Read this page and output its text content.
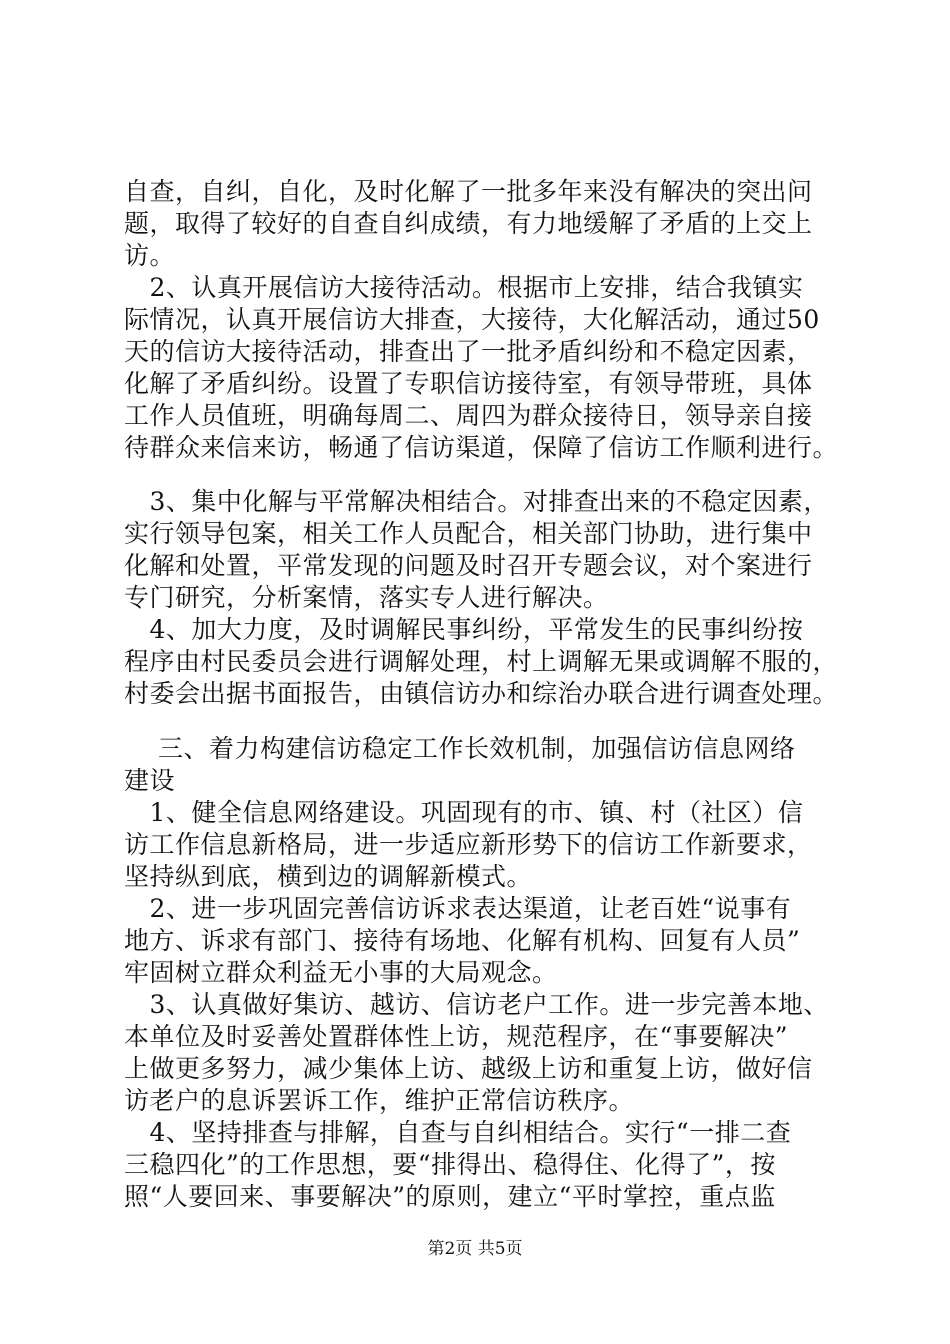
自查，自纠，自化，及时化解了一批多年来没有解决的突出问

题，取得了较好的自查自纠成绩，有力地缓解了矛盾的上交上

访。

　2、认真开展信访大接待活动。根据市上安排，结合我镇实

际情况，认真开展信访大排查，大接待，大化解活动，通过50

天的信访大接待活动，排查出了一批矛盾纠纷和不稳定因素，

化解了矛盾纠纷。设置了专职信访接待室，有领导带班，具体

工作人员值班，明确每周二、周四为群众接待日，领导亲自接

待群众来信来访，畅通了信访渠道，保障了信访工作顺利进行。

　3、集中化解与平常解决相结合。对排查出来的不稳定因素，

实行领导包案，相关工作人员配合，相关部门协助，进行集中

化解和处置，平常发现的问题及时召开专题会议，对个案进行

专门研究，分析案情，落实专人进行解决。

　4、加大力度，及时调解民事纠纷，平常发生的民事纠纷按

程序由村民委员会进行调解处理，村上调解无果或调解不服的，

村委会出据书面报告，由镇信访办和综治办联合进行调查处理。

　 三、着力构建信访稳定工作长效机制，加强信访信息网络

建设

　1、健全信息网络建设。巩固现有的市、镇、村（社区）信

访工作信息新格局，进一步适应新形势下的信访工作新要求，

坚持纵到底，横到边的调解新模式。

　2、进一步巩固完善信访诉求表达渠道，让老百姓“说事有

地方、诉求有部门、接待有场地、化解有机构、回复有人员”

牢固树立群众利益无小事的大局观念。

　3、认真做好集访、越访、信访老户工作。进一步完善本地、

本单位及时妥善处置群体性上访，规范程序，在“事要解决”

上做更多努力，减少集体上访、越级上访和重复上访，做好信

访老户的息诉罢诉工作，维护正常信访秩序。

　4、坚持排查与排解，自查与自纠相结合。实行“一排二查

三稳四化”的工作思想，要“排得出、稳得住、化得了”，按

照“人要回来、事要解决”的原则，建立“平时掌控，重点监

第2页 共5页
